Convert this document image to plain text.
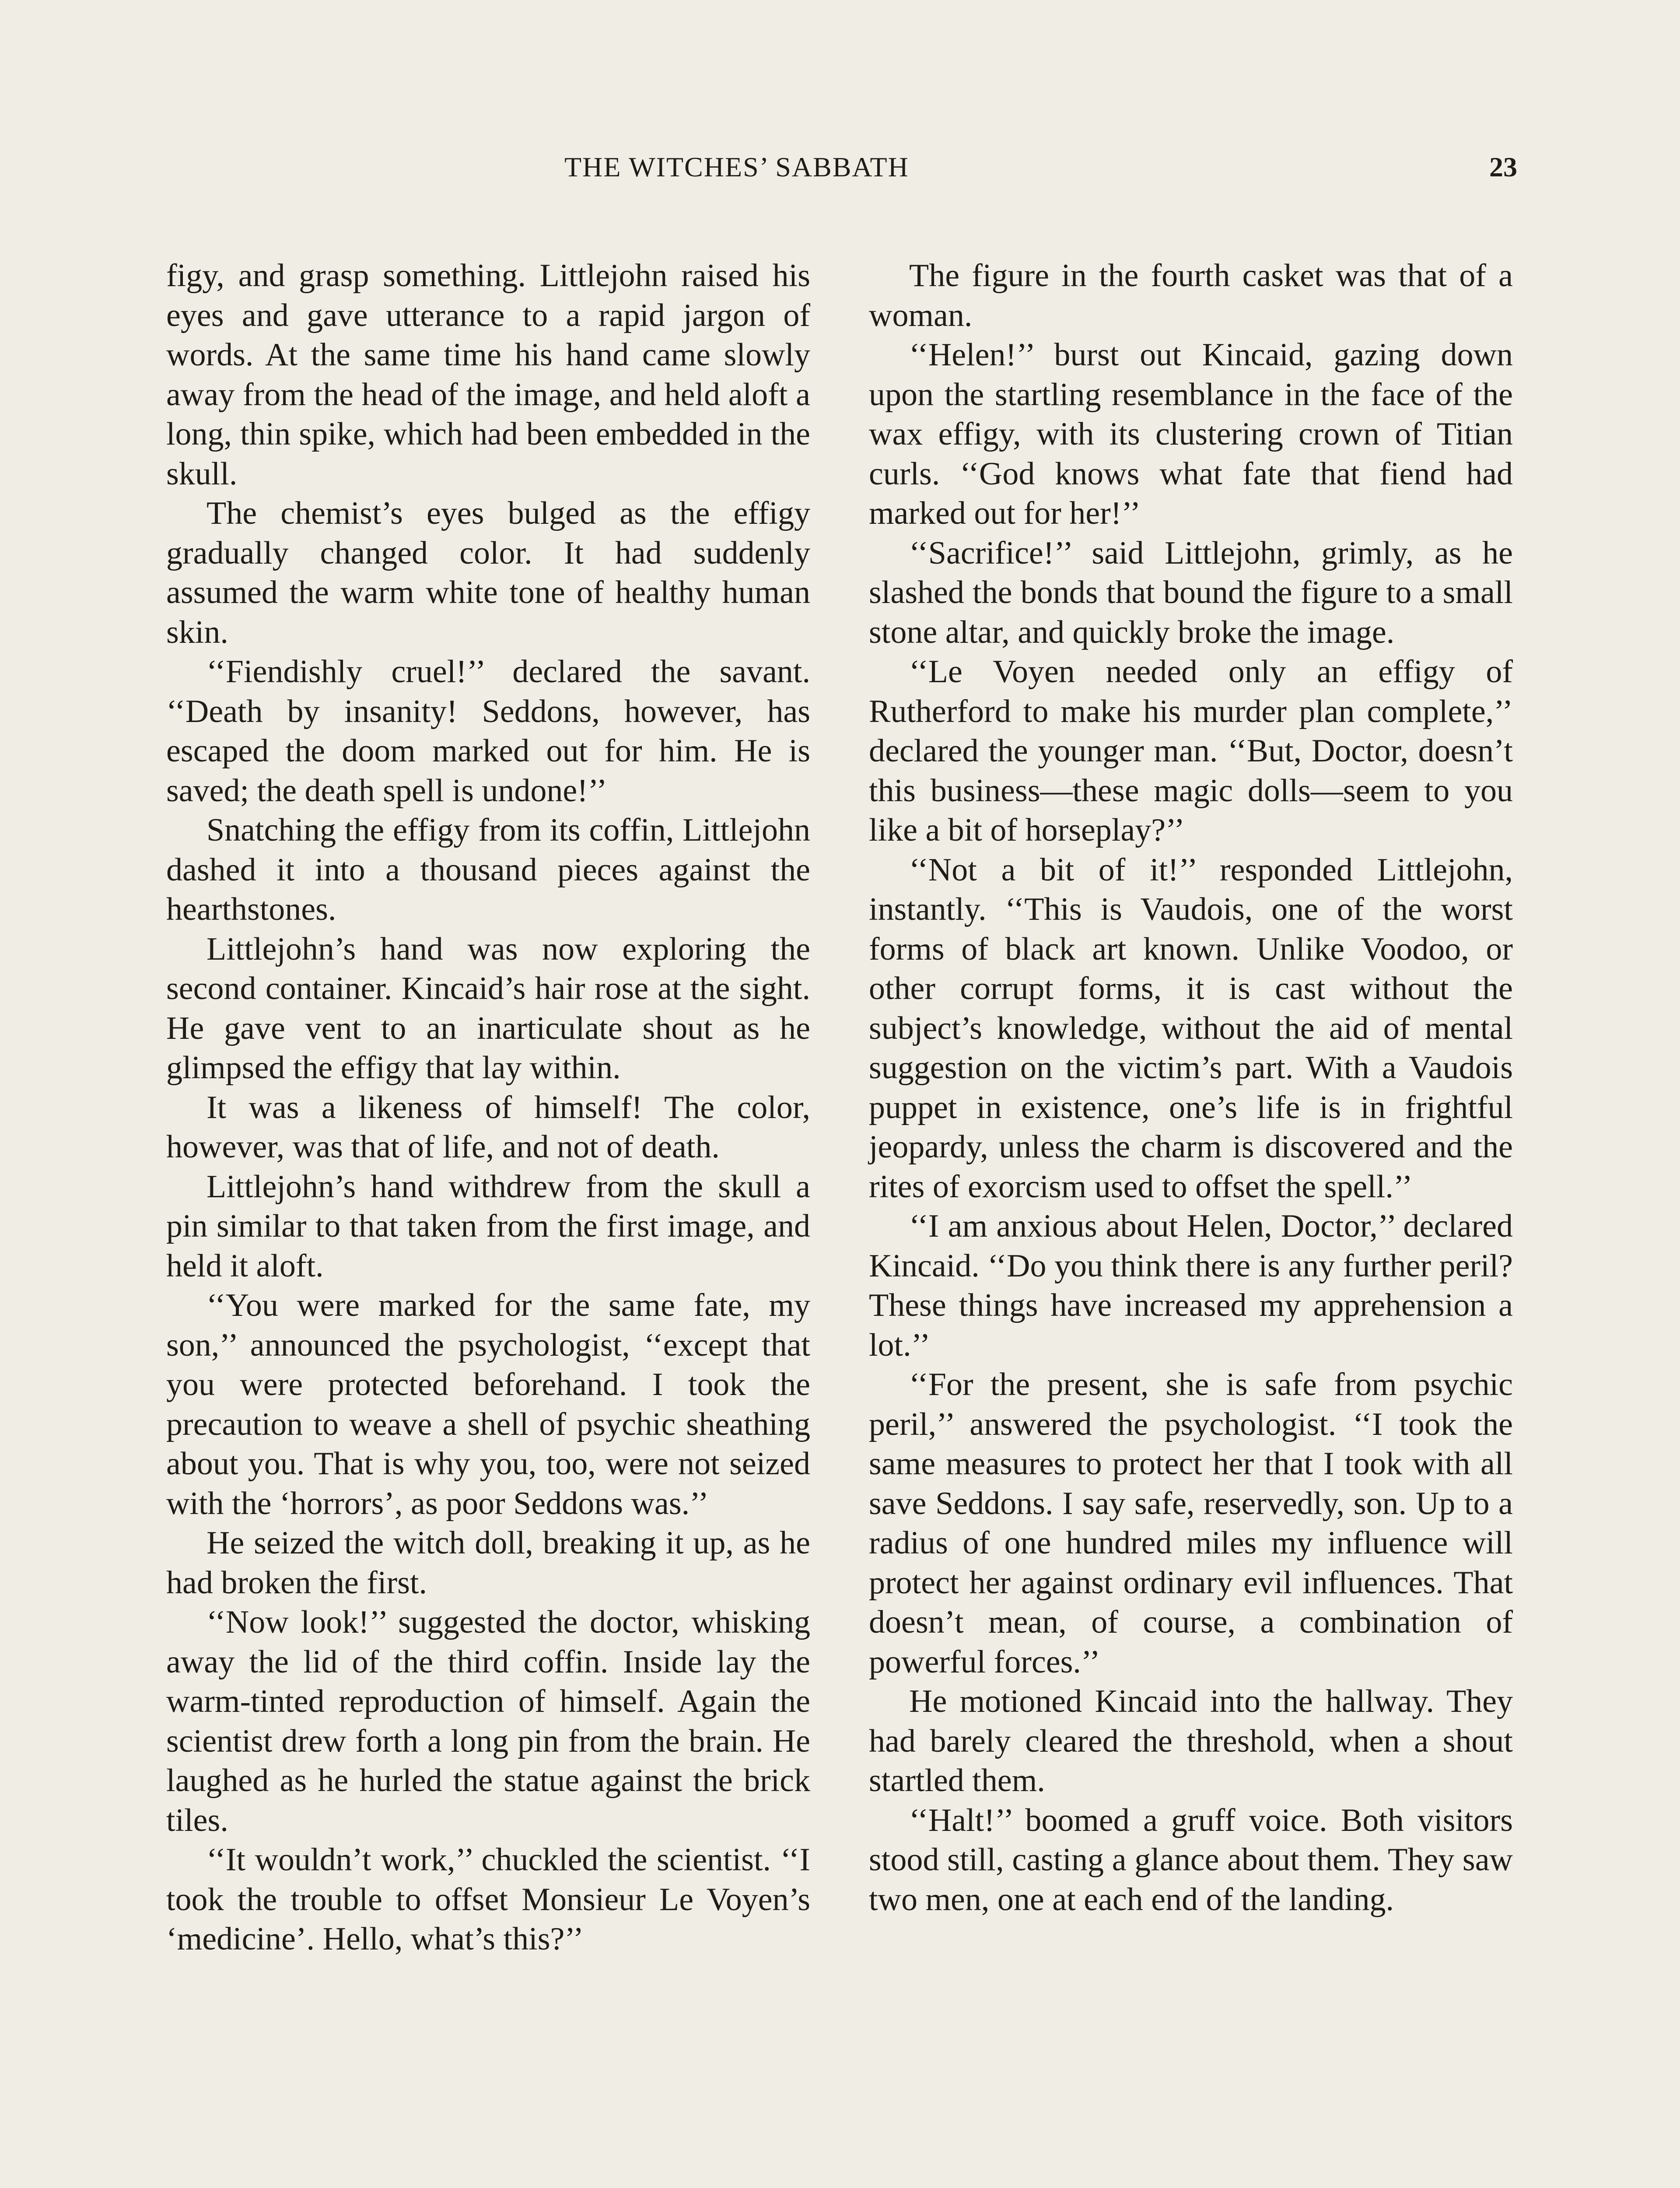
THE WITCHES’ SABBATH	23

figy, and grasp something. Littlejohn raised his eyes and gave utterance to a rapid jargon of words. At the same time his hand came slowly away from the head of the image, and held aloft a long, thin spike, which had been embedded in the skull.

The chemist’s eyes bulged as the effigy gradually changed color. It had suddenly assumed the warm white tone of healthy human skin.

‘‘Fiendishly cruel!’’ declared the savant. ‘‘Death by insanity! Seddons, however, has escaped the doom marked out for him. He is saved; the death spell is undone!’’

Snatching the effigy from its coffin, Littlejohn dashed it into a thousand pieces against the hearthstones.

Littlejohn’s hand was now exploring the second container. Kincaid’s hair rose at the sight. He gave vent to an inarticulate shout as he glimpsed the effigy that lay within.

It was a likeness of himself! The color, however, was that of life, and not of death.

Littlejohn’s hand withdrew from the skull a pin similar to that taken from the first image, and held it aloft.

‘‘You were marked for the same fate, my son,’’ announced the psychologist, ‘‘except that you were protected beforehand. I took the precaution to weave a shell of psychic sheathing about you. That is why you, too, were not seized with the ‘horrors’, as poor Seddons was.’’

He seized the witch doll, breaking it up, as he had broken the first.

‘‘Now look!’’ suggested the doctor, whisking away the lid of the third coffin. Inside lay the warm-tinted reproduction of himself. Again the scientist drew forth a long pin from the brain. He laughed as he hurled the statue against the brick tiles.

‘‘It wouldn’t work,’’ chuckled the scientist. ‘‘I took the trouble to offset Monsieur Le Voyen’s ‘medicine’. Hello, what’s this?’’

The figure in the fourth casket was that of a woman.

‘‘Helen!’’ burst out Kincaid, gazing down upon the startling resemblance in the face of the wax effigy, with its clustering crown of Titian curls. ‘‘God knows what fate that fiend had marked out for her!’’

‘‘Sacrifice!’’ said Littlejohn, grimly, as he slashed the bonds that bound the figure to a small stone altar, and quickly broke the image.

‘‘Le Voyen needed only an effigy of Rutherford to make his murder plan complete,’’ declared the younger man. ‘‘But, Doctor, doesn’t this business—these magic dolls—seem to you like a bit of horseplay?’’

‘‘Not a bit of it!’’ responded Littlejohn, instantly. ‘‘This is Vaudois, one of the worst forms of black art known. Unlike Voodoo, or other corrupt forms, it is cast without the subject’s knowledge, without the aid of mental suggestion on the victim’s part. With a Vaudois puppet in existence, one’s life is in frightful jeopardy, unless the charm is discovered and the rites of exorcism used to offset the spell.’’

‘‘I am anxious about Helen, Doctor,’’ declared Kincaid. ‘‘Do you think there is any further peril? These things have increased my apprehension a lot.’’

‘‘For the present, she is safe from psychic peril,’’ answered the psychologist. ‘‘I took the same measures to protect her that I took with all save Seddons. I say safe, reservedly, son. Up to a radius of one hundred miles my influence will protect her against ordinary evil influences. That doesn’t mean, of course, a combination of powerful forces.’’

He motioned Kincaid into the hallway. They had barely cleared the threshold, when a shout startled them.

‘‘Halt!’’ boomed a gruff voice. Both visitors stood still, casting a glance about them. They saw two men, one at each end of the landing.
